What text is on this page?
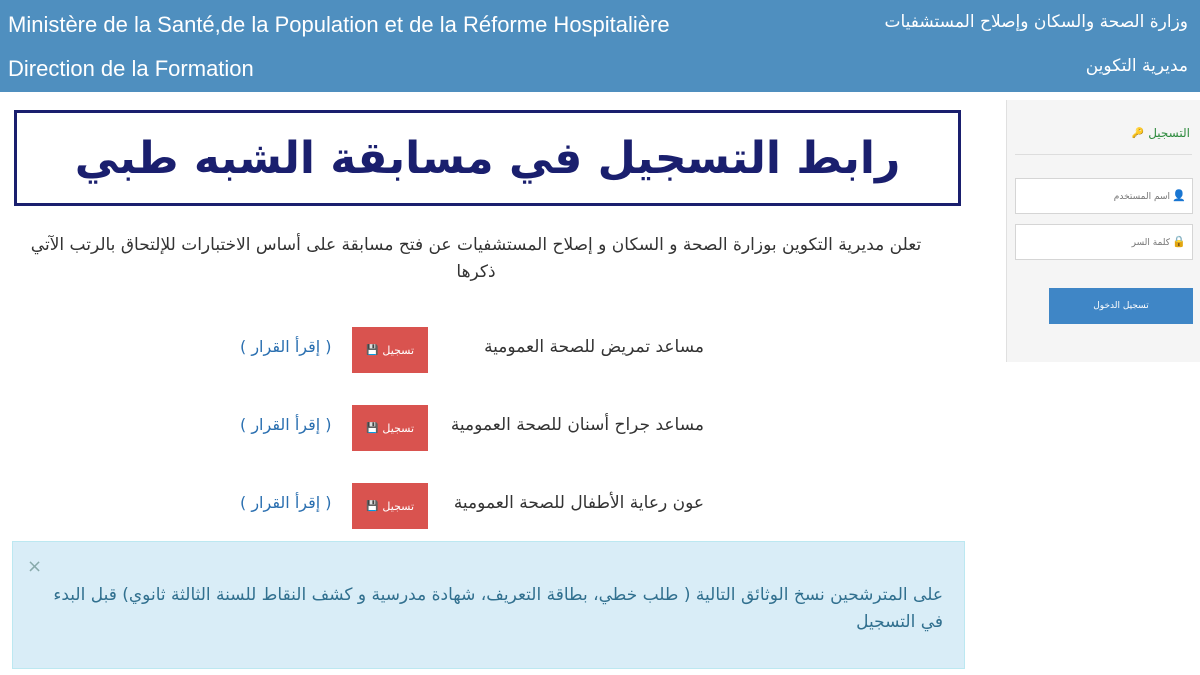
Ministère de la Santé,de la Population et de la Réforme Hospitalière
Direction de la Formation
وزارة الصحة والسكان وإصلاح المستشفيات
مديرية التكوين
رابط التسجيل في مسابقة الشبه طبي
تعلن مديرية التكوين بوزارة الصحة و السكان و إصلاح المستشفيات عن فتح مسابقة على أساس الاختبارات للإلتحاق بالرتب الآتي ذكرها
مساعد تمريض للصحة العمومية
تسجيل
💾
( إقرأ القرار )
مساعد جراح أسنان للصحة العمومية
تسجيل
💾
( إقرأ القرار )
عون رعاية الأطفال للصحة العمومية
تسجيل
💾
( إقرأ القرار )
×
على المترشحين نسخ الوثائق التالية ( طلب خطي، بطاقة التعريف، شهادة مدرسية و كشف النقاط للسنة الثالثة ثانوي) قبل البدء في التسجيل
التسجيل
🔑
👤
اسم المستخدم
🔒
تسجيل الدخول
